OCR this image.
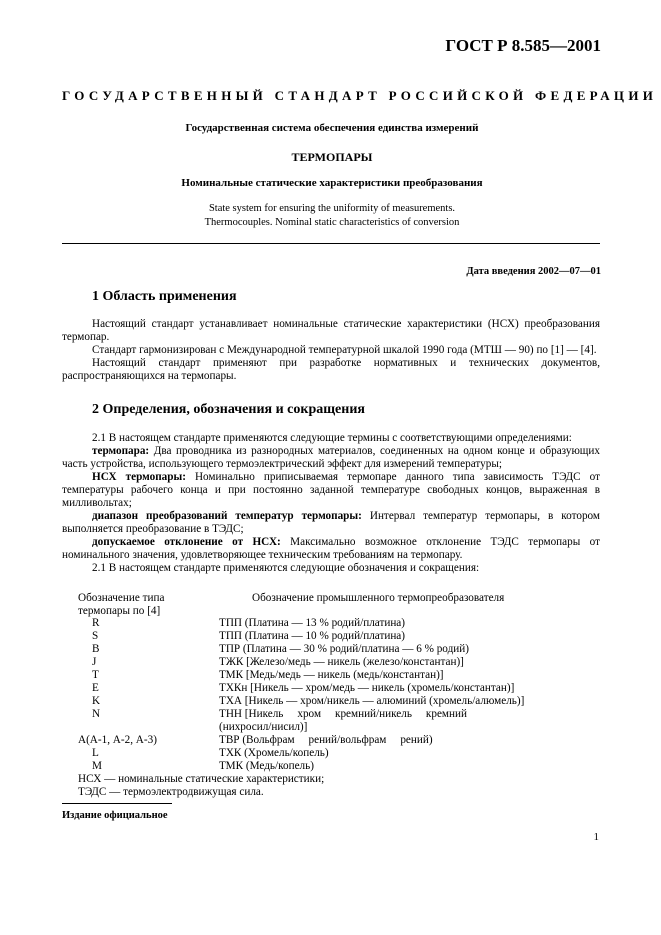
ГОСТ Р 8.585—2001
ГОСУДАРСТВЕННЫЙ СТАНДАРТ РОССИЙСКОЙ ФЕДЕРАЦИИ
Государственная система обеспечения единства измерений
ТЕРМОПАРЫ
Номинальные статические характеристики преобразования
State system for ensuring the uniformity of measurements.
Thermocouples. Nominal static characteristics of conversion
Дата введения 2002—07—01
1 Область применения

Настоящий стандарт устанавливает номинальные статические характеристики (НСХ) преобразования термопар.

Стандарт гармонизирован с Международной температурной шкалой 1990 года (МТШ — 90) по [1] — [4].

Настоящий стандарт применяют при разработке нормативных и технических документов, распространяющихся на термопары.

2 Определения, обозначения и сокращения

2.1 В настоящем стандарте применяются следующие термины с соответствующими определениями:

термопара: Два проводника из разнородных материалов, соединенных на одном конце и образующих часть устройства, использующего термоэлектрический эффект для измерений температуры;

НСХ термопары: Номинально приписываемая термопаре данного типа зависимость ТЭДС от температуры рабочего конца и при постоянно заданной температуре свободных концов, выраженная в милливольтах;

диапазон преобразований температур термопары: Интервал температур термопары, в котором выполняется преобразование в ТЭДС;

допускаемое отклонение от НСХ: Максимально возможное отклонение ТЭДС термопары от номинального значения, удовлетворяющее техническим требованиям на термопару.

2.1 В настоящем стандарте применяются следующие обозначения и сокращения:

Обозначение типа
термопары по [4]
Обозначение промышленного термопреобразователя
R	ТПП (Платина — 13 % родий/платина)
S	ТПП (Платина — 10 % родий/платина)
B	ТПР (Платина — 30 % родий/платина — 6 % родий)
J	ТЖК [Железо/медь — никель (железо/константан)]
T	ТМК [Медь/медь — никель (медь/константан)]
E	ТХКн [Никель — хром/медь — никель (хромель/константан)]
K	ТХА [Никель — хром/никель — алюминий (хромель/алюмель)]
N	ТНН [Никель     хром     кремний/никель     кремний
(нихросил/нисил)]
А(А-1, А-2, А-3)	ТВР (Вольфрам     рений/вольфрам     рений)
L	ТХК (Хромель/копель)
M	ТМК (Медь/копель)
НСХ — номинальные статические характеристики;
ТЭДС — термоэлектродвижущая сила.
Издание официальное
1
